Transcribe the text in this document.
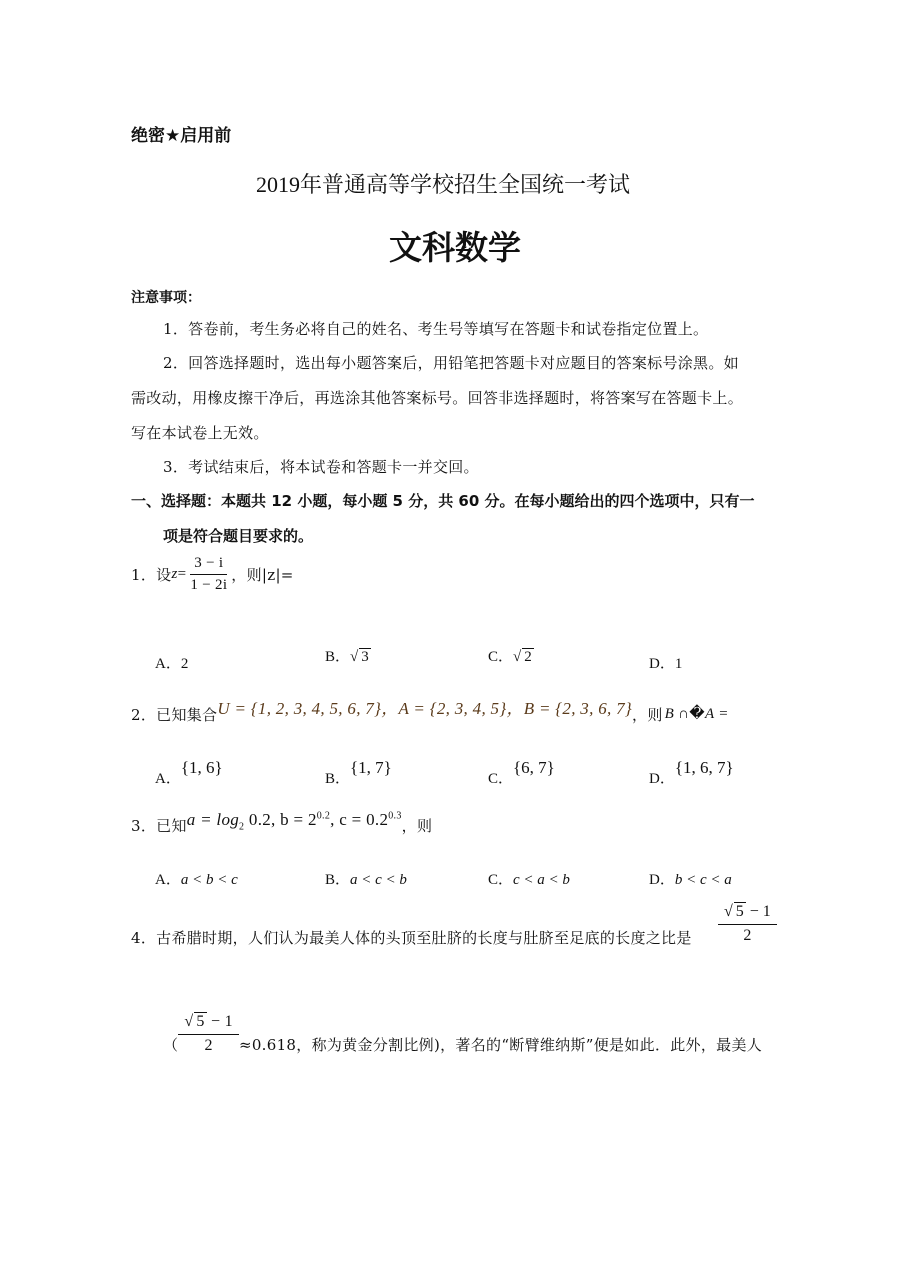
绝密★启用前
2019年普通高等学校招生全国统一考试
文科数学
注意事项：
1．答卷前，考生务必将自己的姓名、考生号等填写在答题卡和试卷指定位置上。
2．回答选择题时，选出每小题答案后，用铅笔把答题卡对应题目的答案标号涂黑。如
需改动，用橡皮擦干净后，再选涂其他答案标号。回答非选择题时，将答案写在答题卡上。
写在本试卷上无效。
3．考试结束后，将本试卷和答题卡一并交回。
一、选择题：本题共 12 小题，每小题 5 分，共 60 分。在每小题给出的四个选项中，只有一
项是符合题目要求的。
1．设 $z = \frac{3 - i}{1 - 2i}$ ，则|z|=
A．2	B．√ 3	C．√ 2	D．1
2．已知集合 U = {1, 2, 3, 4, 5, 6, 7}，A = {2, 3, 4, 5}，B = {2, 3, 6, 7} ，则 B ∩ � A =
A．{1, 6}
B．{1, 7}
C．{6, 7}
D．{1, 6, 7}
3．已知 $a = \log_2 0.2$, $b = 2^{0.2}$, $c = 0.2^{0.3}$
，则
A．a < b < c	B．a < c < b	C．c < a < b	D．b < c < a
4．古希腊时期，人们认为最美人体的头顶至肚脐的长度与肚脐至足底的长度之比是 $\frac{√ 5 - 1}{2}$
（ $\frac{√ 5 - 1}{2} \approx 0.618$，称为黄金分割比例)，著名的“断臂维纳斯”便是如此．此外，最美人
